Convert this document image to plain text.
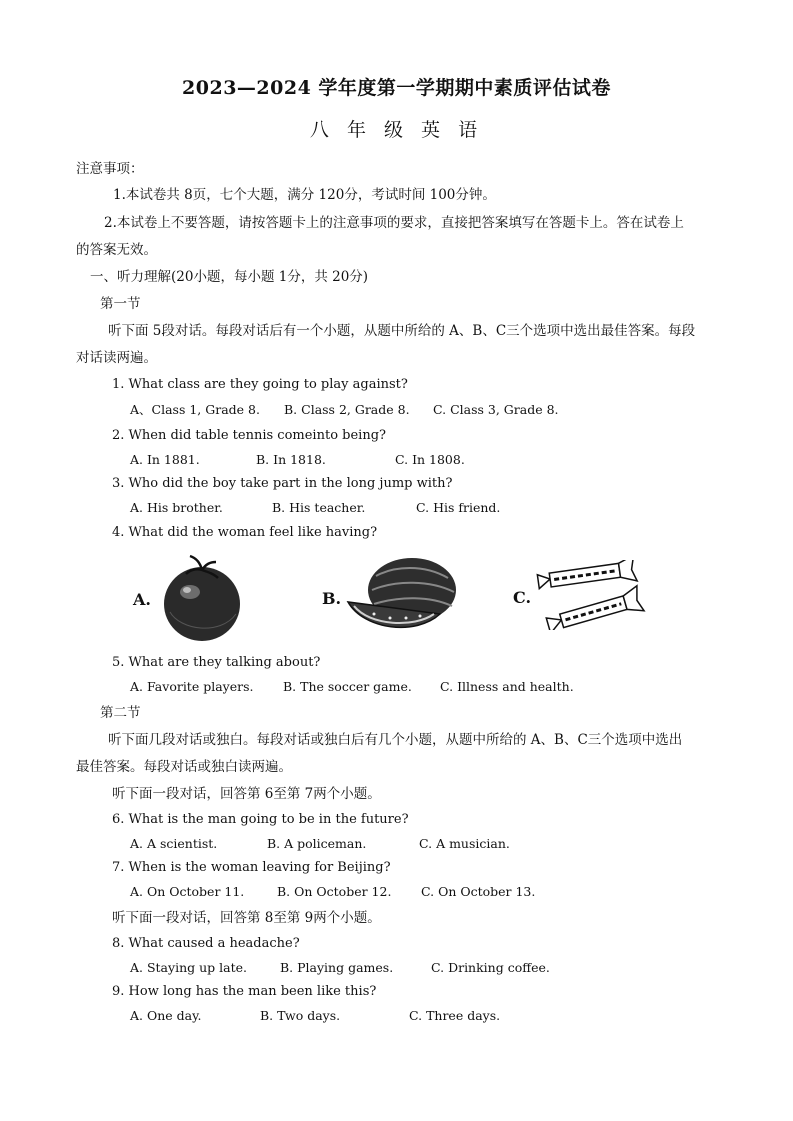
2023—2024 学年度第一学期期中素质评估试卷
八 年 级 英 语
注意事项：
1.本试卷共 8页，七个大题，满分 120分，考试时间 100分钟。
2.本试卷上不要答题，请按答题卡上的注意事项的要求，直接把答案填写在答题卡上。答在试卷上
的答案无效。
一、听力理解(20小题，每小题 1分，共 20分)
第一节
听下面 5段对话。每段对话后有一个小题，从题中所给的 A、B、C三个选项中选出最佳答案。每段
对话读两遍。
1. What class are they going to play against?
A、Class 1, Grade 8. B. Class 2, Grade 8. C. Class 3, Grade 8.
2. When did table tennis comeinto being?
A. In 1881.	B. In 1818.	C. In 1808.
3. Who did the boy take part in the long jump with?
A. His brother.	B. His teacher.	C. His friend.
4. What did the woman feel like having?
A.	B.	C.
5. What are they talking about?
A. Favorite players. B. The soccer game. C. Illness and health.
第二节
听下面几段对话或独白。每段对话或独白后有几个小题，从题中所给的 A、B、C三个选项中选出
最佳答案。每段对话或独白读两遍。
听下面一段对话，回答第 6至第 7两个小题。
6. What is the man going to be in the future?
A. A scientist.	B. A policeman.	C. A musician.
7. When is the woman leaving for Beijing?
A. On October 11.	B. On October 12. C. On October 13.
听下面一段对话，回答第 8至第 9两个小题。
8. What caused a headache?
A. Staying up late.	B. Playing games.	C. Drinking coffee.
9. How long has the man been like this?
A. One day.	B. Two days.	C. Three days.
